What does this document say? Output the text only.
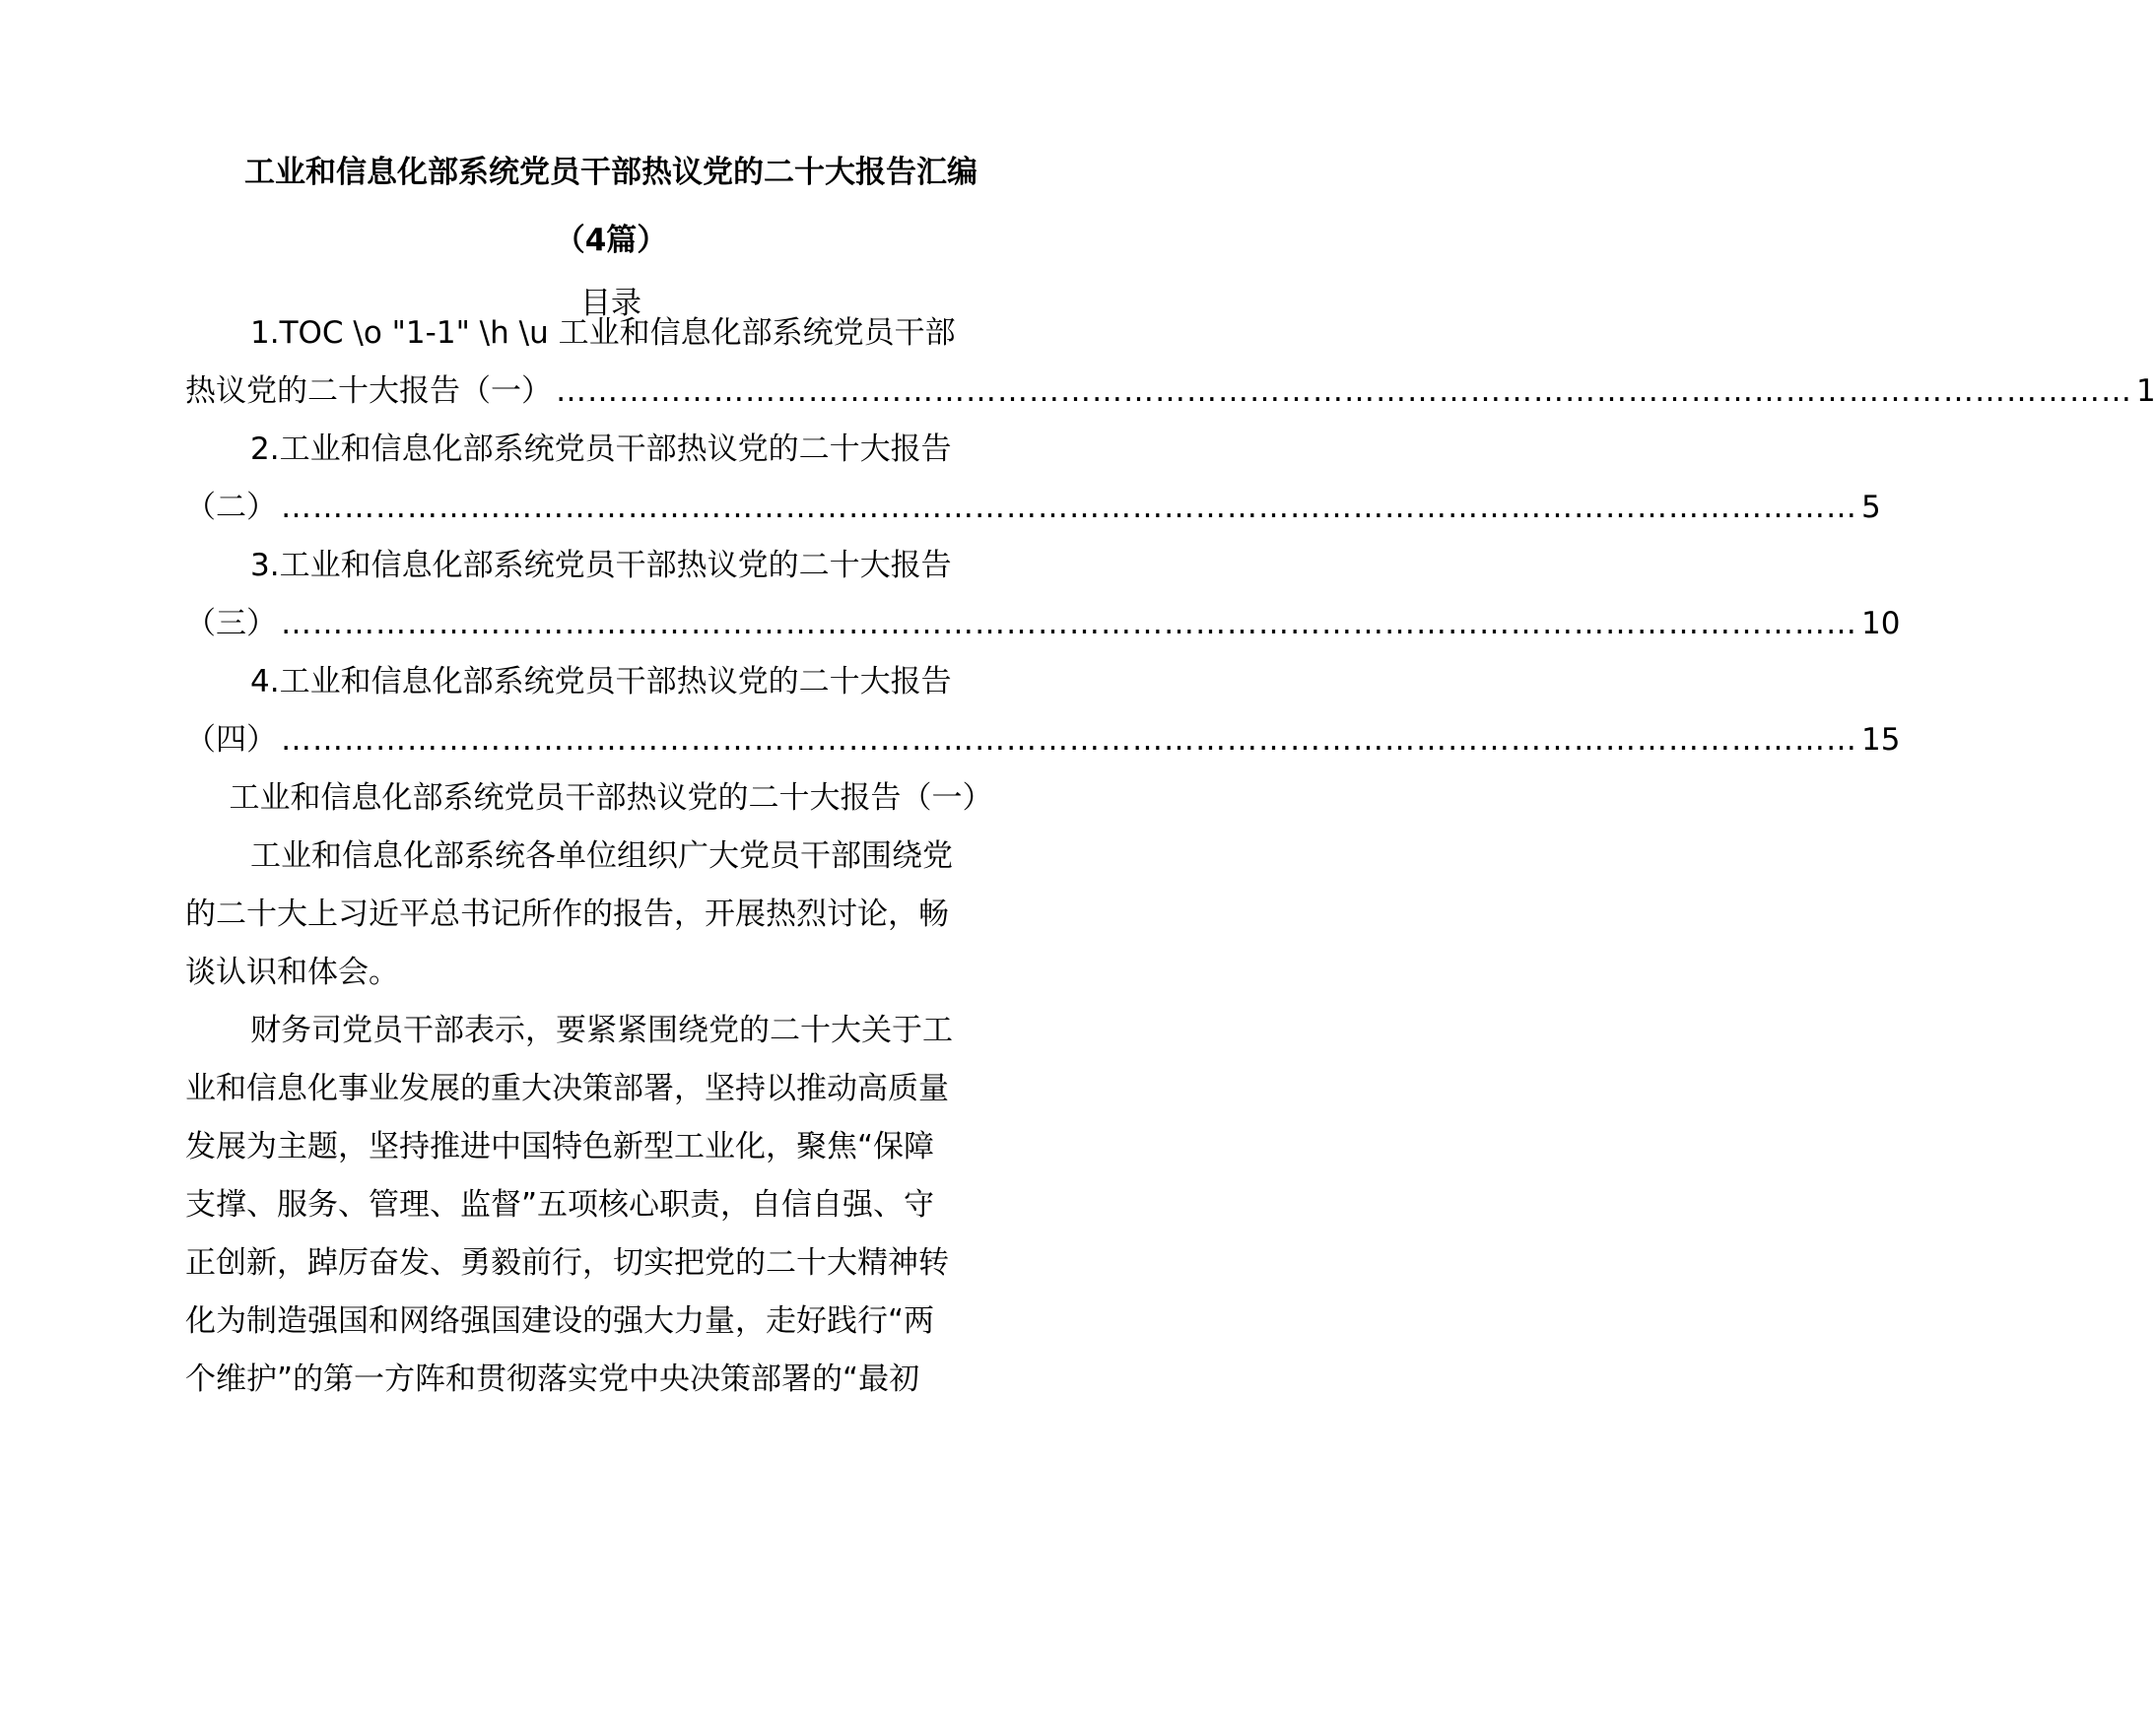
工业和信息化部系统党员干部热议党的二十大报告汇编
（4篇）
目录
1.TOC \o "1-1" \h \u 工业和信息化部系统党员干部
热议党的二十大报告（一） …………………………………………………………………………………………………………………………………… 1
2.工业和信息化部系统党员干部热议党的二十大报告
（二） …………………………………………………………………………………………………………………………………… 5
3.工业和信息化部系统党员干部热议党的二十大报告
（三） …………………………………………………………………………………………………………………………………… 10
4.工业和信息化部系统党员干部热议党的二十大报告
（四） …………………………………………………………………………………………………………………………………… 15
工业和信息化部系统党员干部热议党的二十大报告（一）
工业和信息化部系统各单位组织广大党员干部围绕党
的二十大上习近平总书记所作的报告，开展热烈讨论，畅
谈认识和体会。
财务司党员干部表示，要紧紧围绕党的二十大关于工
业和信息化事业发展的重大决策部署，坚持以推动高质量
发展为主题，坚持推进中国特色新型工业化，聚焦“保障
支撑、服务、管理、监督”五项核心职责，自信自强、守
正创新，踔厉奋发、勇毅前行，切实把党的二十大精神转
化为制造强国和网络强国建设的强大力量，走好践行“两
个维护”的第一方阵和贯彻落实党中央决策部署的“最初
